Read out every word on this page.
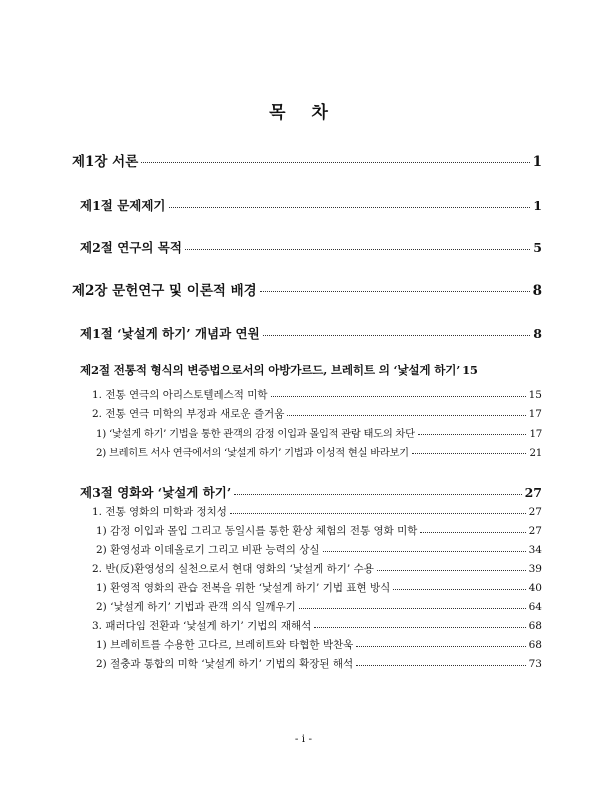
목 차
제1장 서론	1
제1절 문제제기	1
제2절 연구의 목적	5
제2장 문헌연구 및 이론적 배경	8
제1절 ‘낯설게 하기’ 개념과 연원	8
제2절 전통적 형식의 변증법으로서의 아방가르드, 브레히트 의 ‘낯설게 하기’ 15
1. 전통 연극의 아리스토텔레스적 미학	15
2. 전통 연극 미학의 부정과 새로운 즐거움	17
1) ‘낯설게 하기’ 기법을 통한 관객의 감정 이입과 몰입적 관람 태도의 차단	17
2) 브레히트 서사 연극에서의 ‘낯설게 하기’ 기법과 이성적 현실 바라보기	21
제3절 영화와 ‘낯설게 하기’	27
1. 전통 영화의 미학과 정치성	27
1) 감정 이입과 몰입 그리고 동일시를 통한 환상 체험의 전통 영화 미학	27
2) 환영성과 이데올로기 그리고 비판 능력의 상실	34
2. 반(反)환영성의 실천으로서 현대 영화의 ‘낯설게 하기’ 수용	39
1) 환영적 영화의 관습 전복을 위한 ‘낯설게 하기’ 기법 표현 방식	40
2) ‘낯설게 하기’ 기법과 관객 의식 일깨우기	64
3. 패러다임 전환과 ‘낯설게 하기’ 기법의 재해석	68
1) 브레히트를 수용한 고다르, 브레히트와 타협한 박찬욱	68
2) 절충과 통합의 미학 ‘낯설게 하기’ 기법의 확장된 해석	73
- i -
